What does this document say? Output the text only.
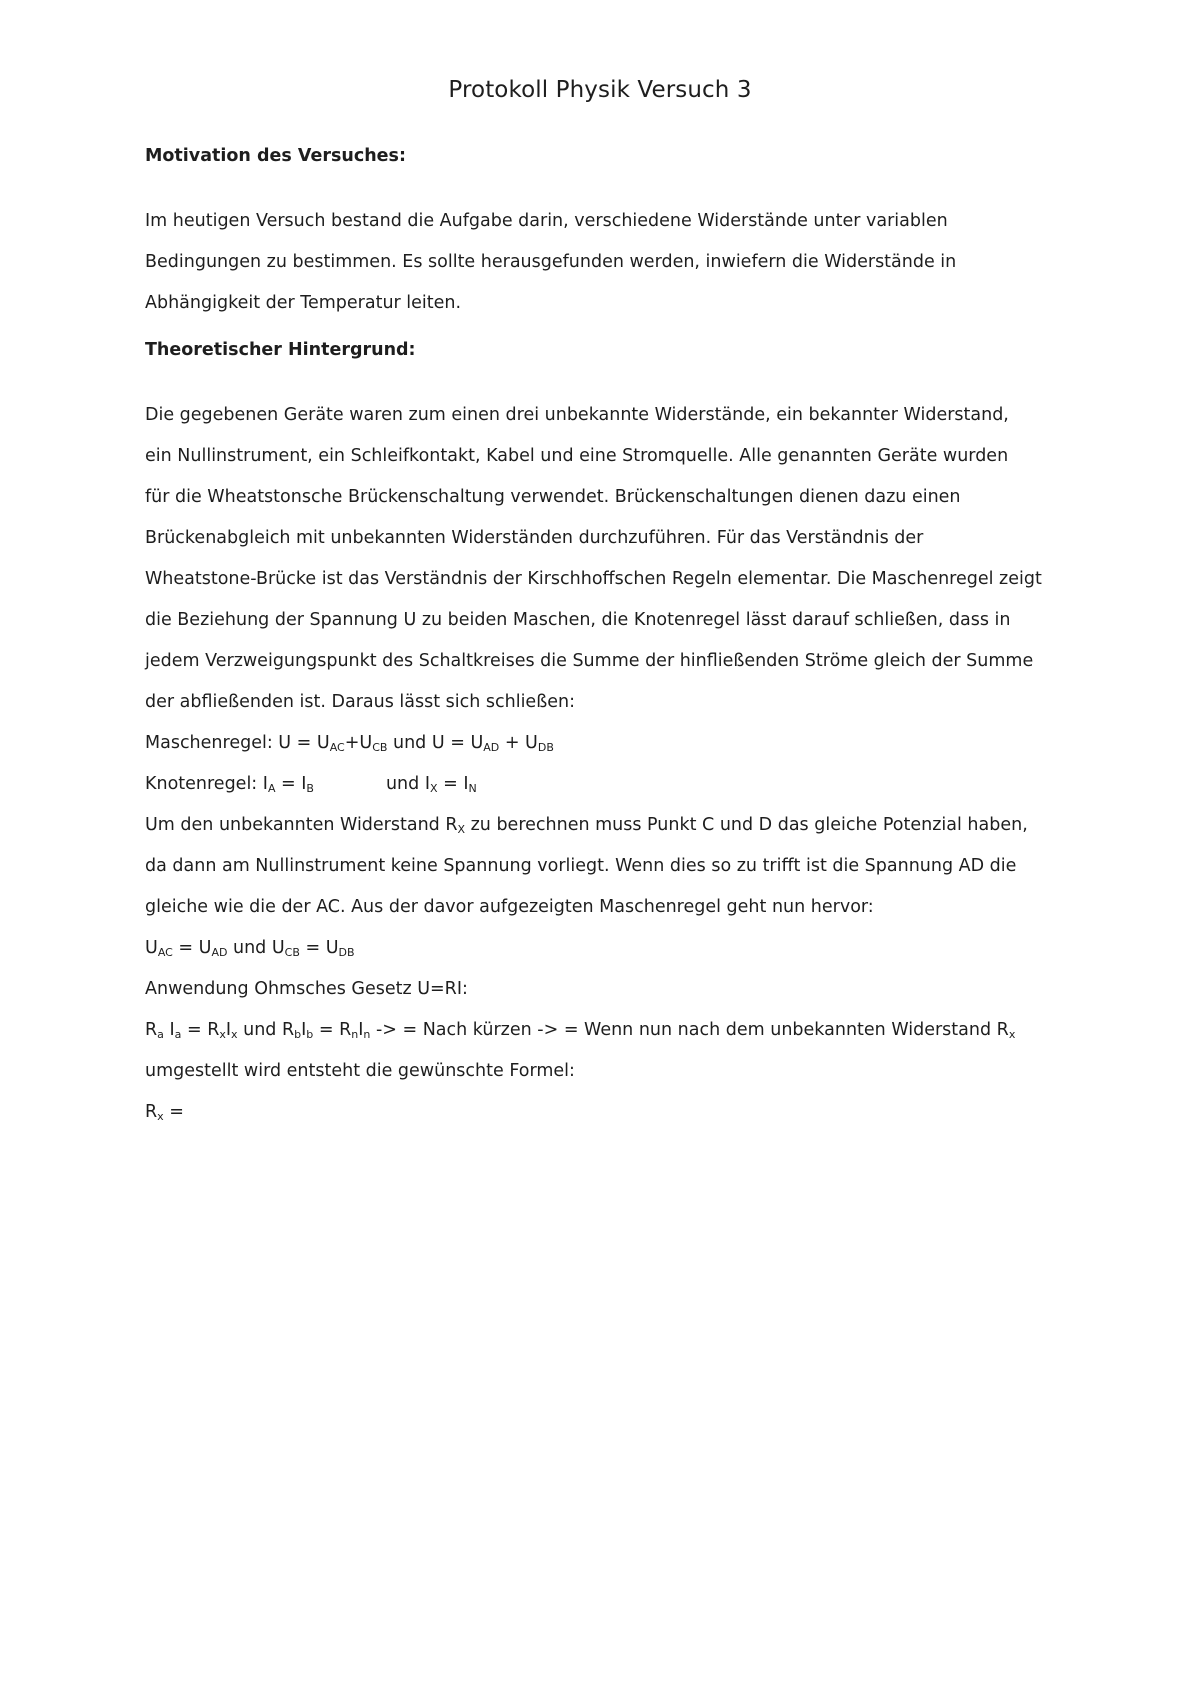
Protokoll Physik Versuch 3

Motivation des Versuches:

Im heutigen Versuch bestand die Aufgabe darin, verschiedene Widerstände unter variablen
Bedingungen zu bestimmen. Es sollte herausgefunden werden, inwiefern die Widerstände in
Abhängigkeit der Temperatur leiten.

Theoretischer Hintergrund:

Die gegebenen Geräte waren zum einen drei unbekannte Widerstände, ein bekannter Widerstand,
ein Nullinstrument, ein Schleifkontakt, Kabel und eine Stromquelle. Alle genannten Geräte wurden
für die Wheatstonsche Brückenschaltung verwendet. Brückenschaltungen dienen dazu einen
Brückenabgleich mit unbekannten Widerständen durchzuführen. Für das Verständnis der
Wheatstone-Brücke ist das Verständnis der Kirschhoffschen Regeln elementar. Die Maschenregel zeigt
die Beziehung der Spannung U zu beiden Maschen, die Knotenregel lässt darauf schließen, dass in
jedem Verzweigungspunkt des Schaltkreises die Summe der hinfließenden Ströme gleich der Summe
der abfließenden ist. Daraus lässt sich schließen:
Maschenregel: $U = U_{AC}+U_{CB}$ und $U = U_{AD} + U_{DB}$
Knotenregel: $I_A = I_B$	und $I_X = I_N$
Um den unbekannten Widerstand $R_X$ zu berechnen muss Punkt C und D das gleiche Potenzial haben,
da dann am Nullinstrument keine Spannung vorliegt. Wenn dies so zu trifft ist die Spannung AD die
gleiche wie die der AC. Aus der davor aufgezeigten Maschenregel geht nun hervor:
$U_{AC} = U_{AD}$ und $U_{CB} = U_{DB}$
Anwendung Ohmsches Gesetz U=RI:
$R_a$ $I_a = R_xI_x$ und $R_bI_b = R_nI_n$ -> = Nach kürzen -> = Wenn nun nach dem unbekannten Widerstand $R_x$
umgestellt wird entsteht die gewünschte Formel:
$R_x$ =
